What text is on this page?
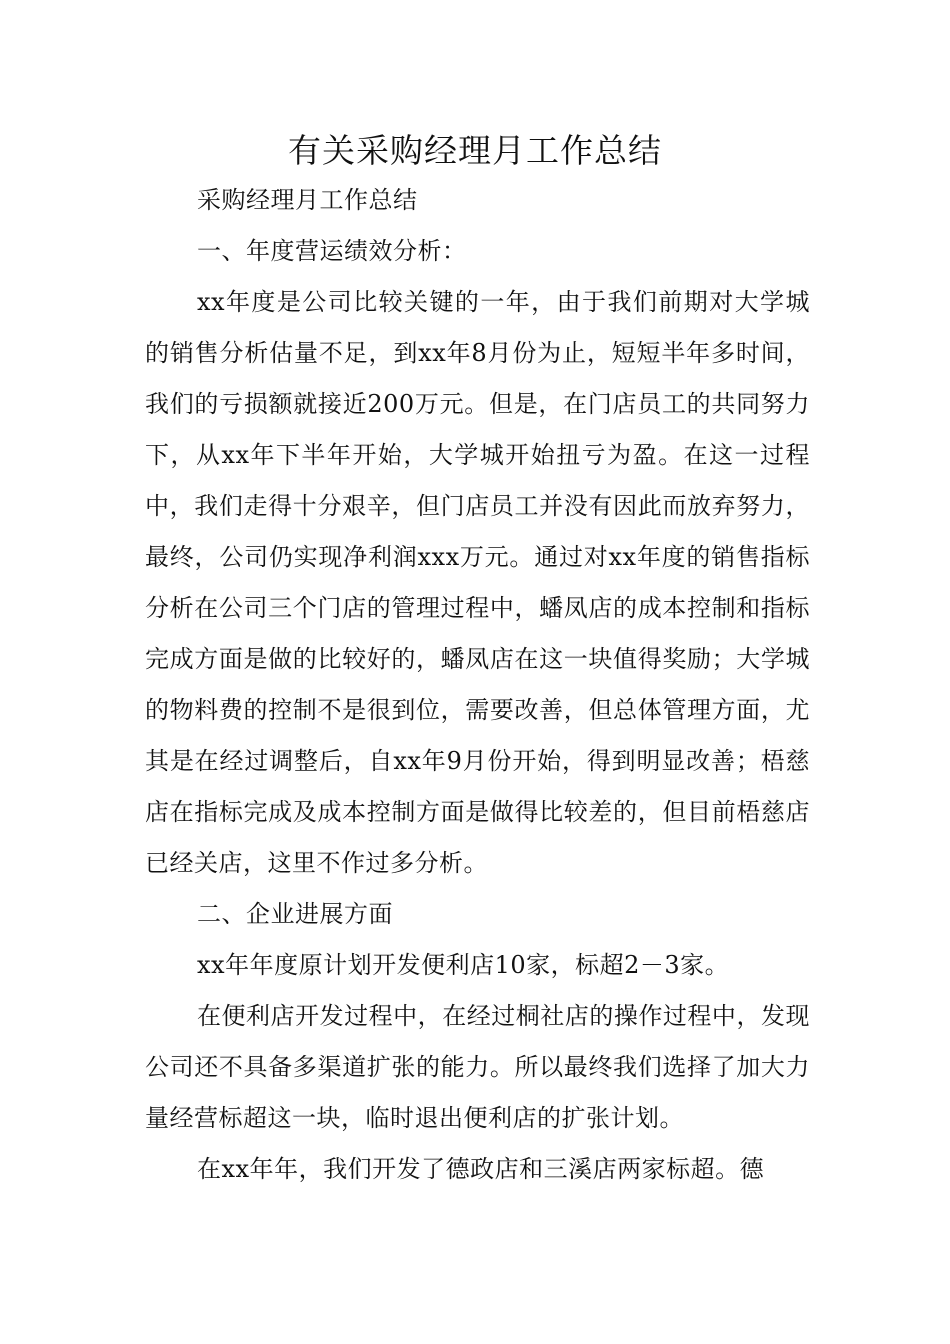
有关采购经理月工作总结

采购经理月工作总结

一、年度营运绩效分析：

xx年度是公司比较关键的一年，由于我们前期对大学城的销售分析估量不足，到xx年8月份为止，短短半年多时间，我们的亏损额就接近200万元。但是，在门店员工的共同努力下，从xx年下半年开始，大学城开始扭亏为盈。在这一过程中，我们走得十分艰辛，但门店员工并没有因此而放弃努力，最终，公司仍实现净利润xxx万元。通过对xx年度的销售指标分析在公司三个门店的管理过程中，蟠凤店的成本控制和指标完成方面是做的比较好的，蟠凤店在这一块值得奖励；大学城的物料费的控制不是很到位，需要改善，但总体管理方面，尤其是在经过调整后，自xx年9月份开始，得到明显改善；梧慈店在指标完成及成本控制方面是做得比较差的，但目前梧慈店已经关店，这里不作过多分析。

二、企业进展方面

xx年年度原计划开发便利店10家，标超2－3家。

在便利店开发过程中，在经过桐社店的操作过程中，发现公司还不具备多渠道扩张的能力。所以最终我们选择了加大力量经营标超这一块，临时退出便利店的扩张计划。

在xx年年，我们开发了德政店和三溪店两家标超。德
